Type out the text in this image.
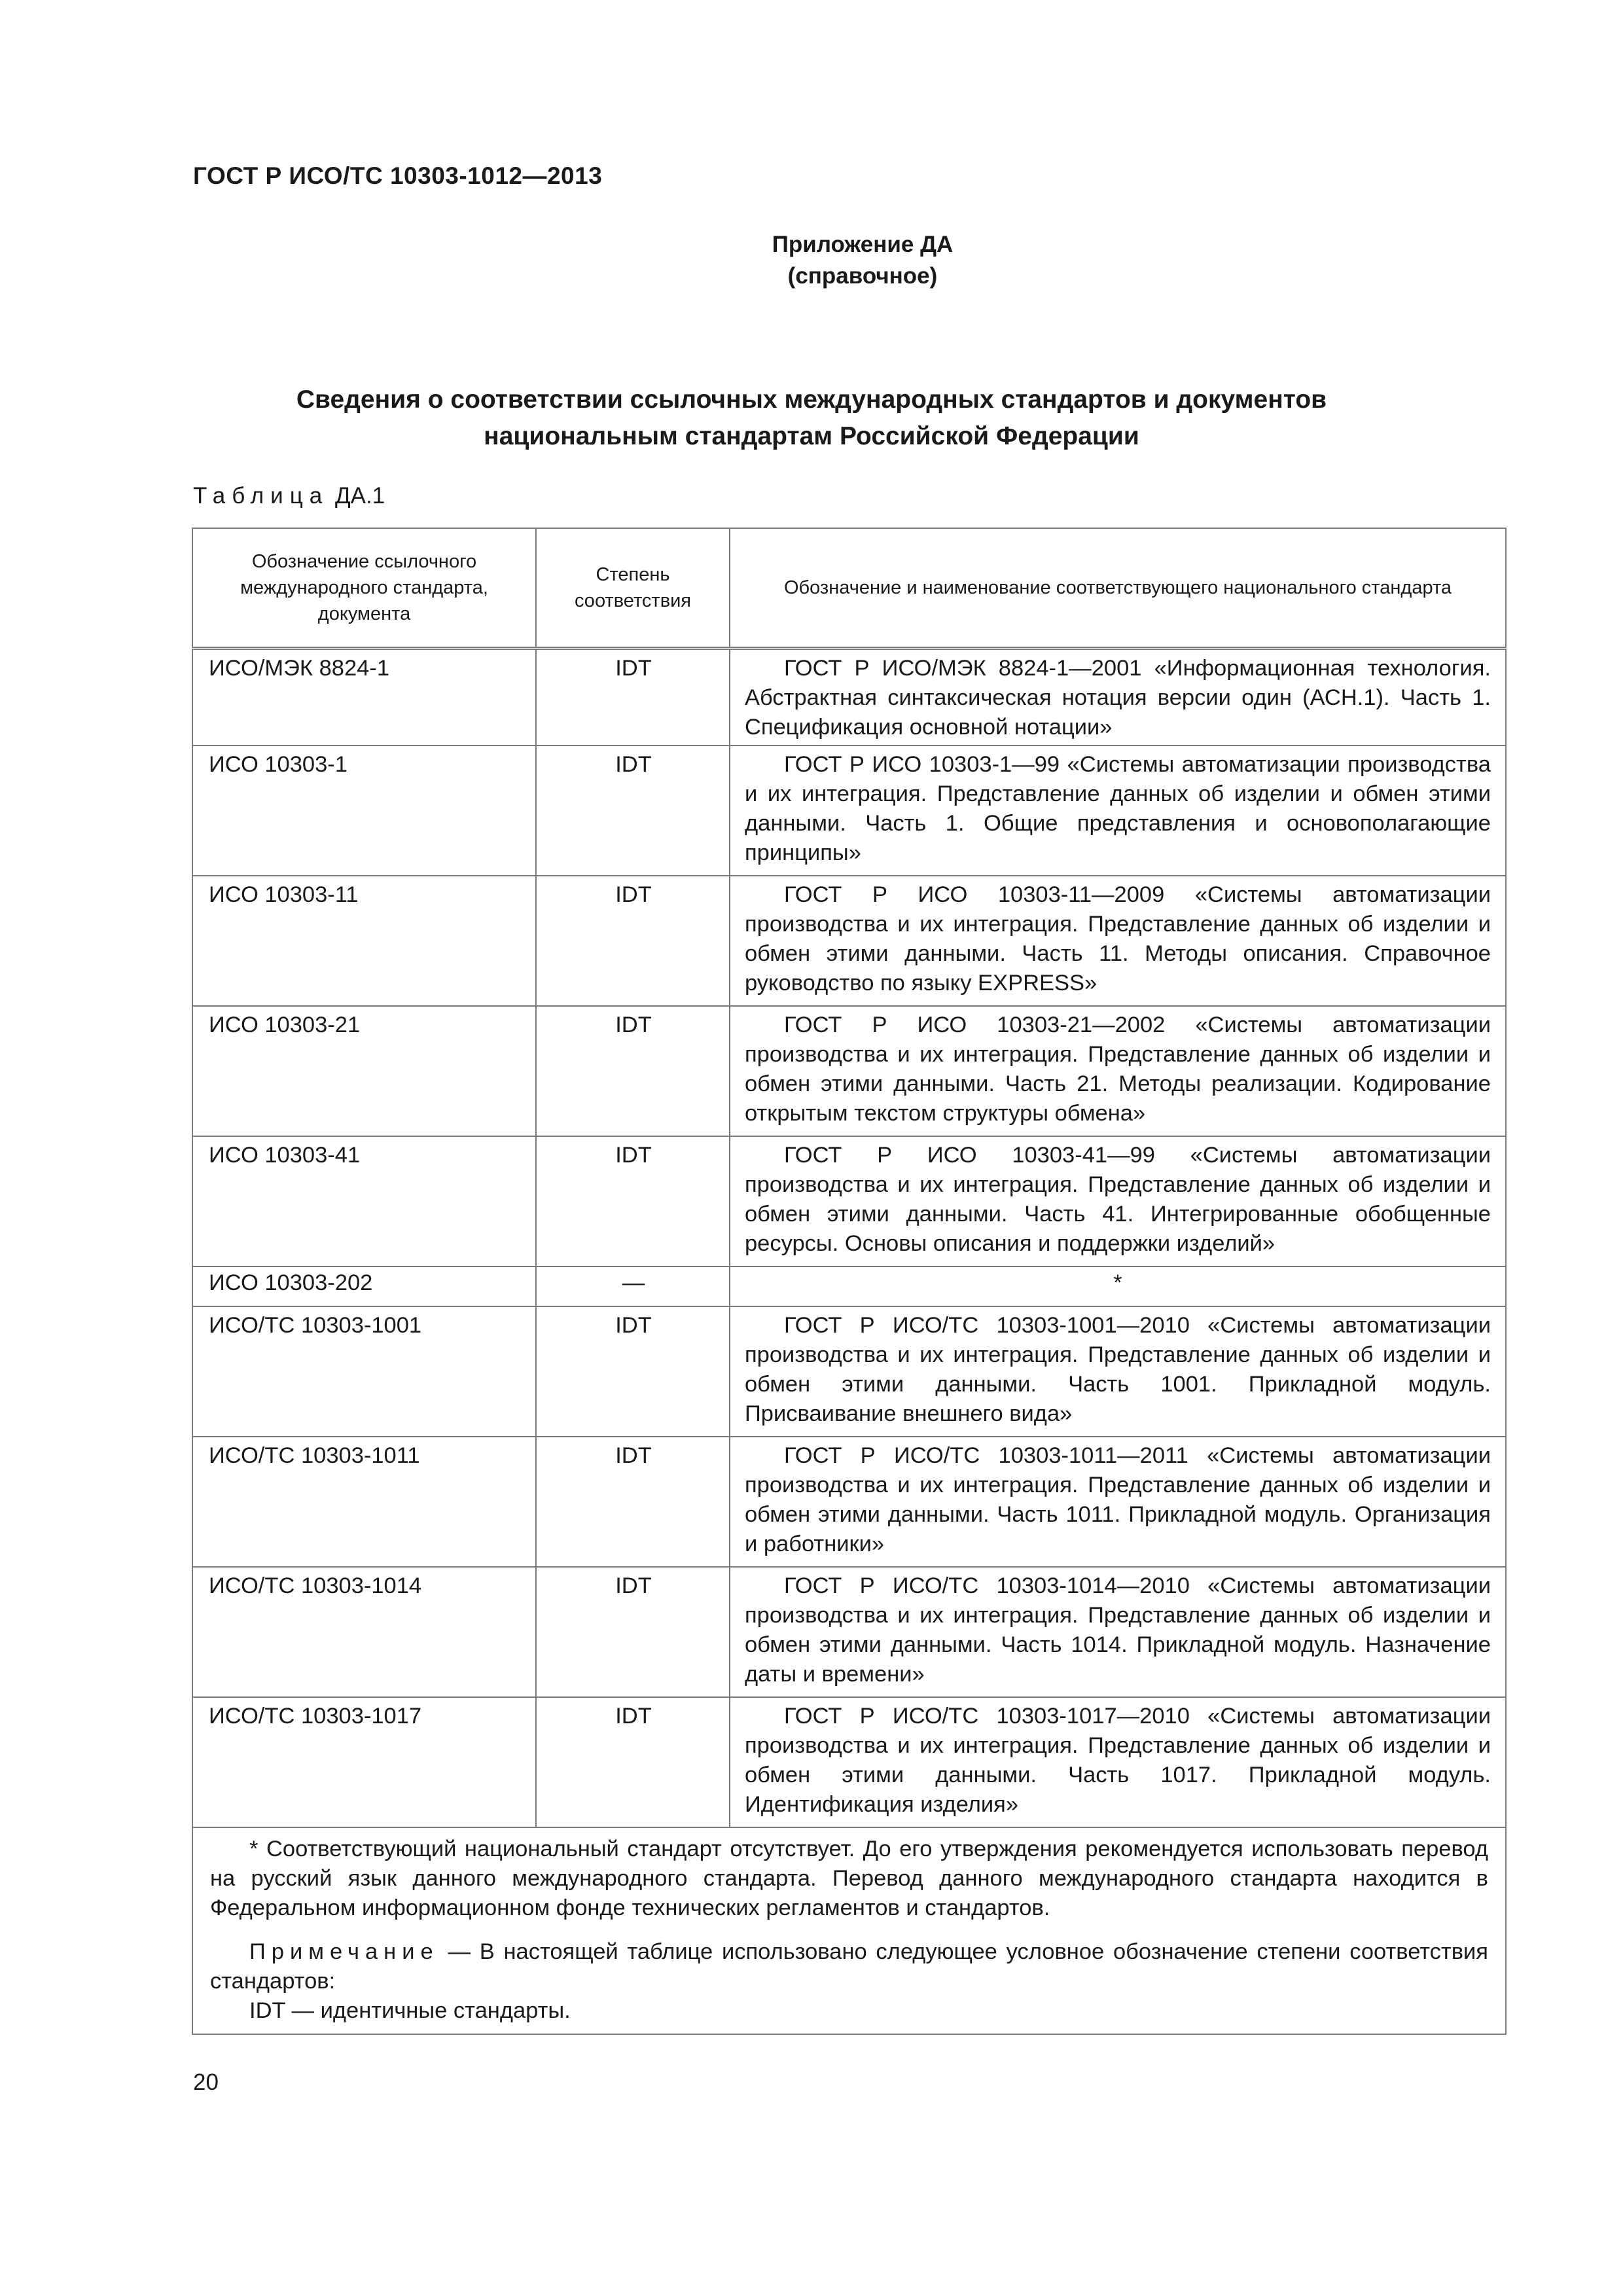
ГОСТ Р ИСО/ТС 10303-1012—2013
Приложение ДА
(справочное)
Сведения о соответствии ссылочных международных стандартов и документов
национальным стандартам Российской Федерации
Таблица ДА.1
Обозначение ссылочного международного стандарта, документа	Степень соответствия	Обозначение и наименование соответствующего национального стандарта
ИСО/МЭК 8824-1	IDT	ГОСТ Р ИСО/МЭК 8824-1—2001 «Информационная технология. Абстрактная синтаксическая нотация версии один (АСН.1). Часть 1. Спецификация основной нотации»
ИСО 10303-1	IDT	ГОСТ Р ИСО 10303-1—99 «Системы автоматизации производства и их интеграция. Представление данных об изделии и обмен этими данными. Часть 1. Общие представления и основополагающие принципы»
ИСО 10303-11	IDT	ГОСТ Р ИСО 10303-11—2009 «Системы автоматизации производства и их интеграция. Представление данных об изделии и обмен этими данными. Часть 11. Методы описания. Справочное руководство по языку EXPRESS»
ИСО 10303-21	IDT	ГОСТ Р ИСО 10303-21—2002 «Системы автоматизации производства и их интеграция. Представление данных об изделии и обмен этими данными. Часть 21. Методы реализации. Кодирование открытым текстом структуры обмена»
ИСО 10303-41	IDT	ГОСТ Р ИСО 10303-41—99 «Системы автоматизации производства и их интеграция. Представление данных об изделии и обмен этими данными. Часть 41. Интегрированные обобщенные ресурсы. Основы описания и поддержки изделий»
ИСО 10303-202	—	*
ИСО/ТС 10303-1001	IDT	ГОСТ Р ИСО/ТС 10303-1001—2010 «Системы автоматизации производства и их интеграция. Представление данных об изделии и обмен этими данными. Часть 1001. Прикладной модуль. Присваивание внешнего вида»
ИСО/ТС 10303-1011	IDT	ГОСТ Р ИСО/ТС 10303-1011—2011 «Системы автоматизации производства и их интеграция. Представление данных об изделии и обмен этими данными. Часть 1011. Прикладной модуль. Организация и работники»
ИСО/ТС 10303-1014	IDT	ГОСТ Р ИСО/ТС 10303-1014—2010 «Системы автоматизации производства и их интеграция. Представление данных об изделии и обмен этими данными. Часть 1014. Прикладной модуль. Назначение даты и времени»
ИСО/ТС 10303-1017	IDT	ГОСТ Р ИСО/ТС 10303-1017—2010 «Системы автоматизации производства и их интеграция. Представление данных об изделии и обмен этими данными. Часть 1017. Прикладной модуль. Идентификация изделия»

* Соответствующий национальный стандарт отсутствует. До его утверждения рекомендуется использовать перевод на русский язык данного международного стандарта. Перевод данного международного стандарта находится в Федеральном информационном фонде технических регламентов и стандартов.

Примечание — В настоящей таблице использовано следующее условное обозначение степени соответствия стандартов:

IDT — идентичные стандарты.		

20
